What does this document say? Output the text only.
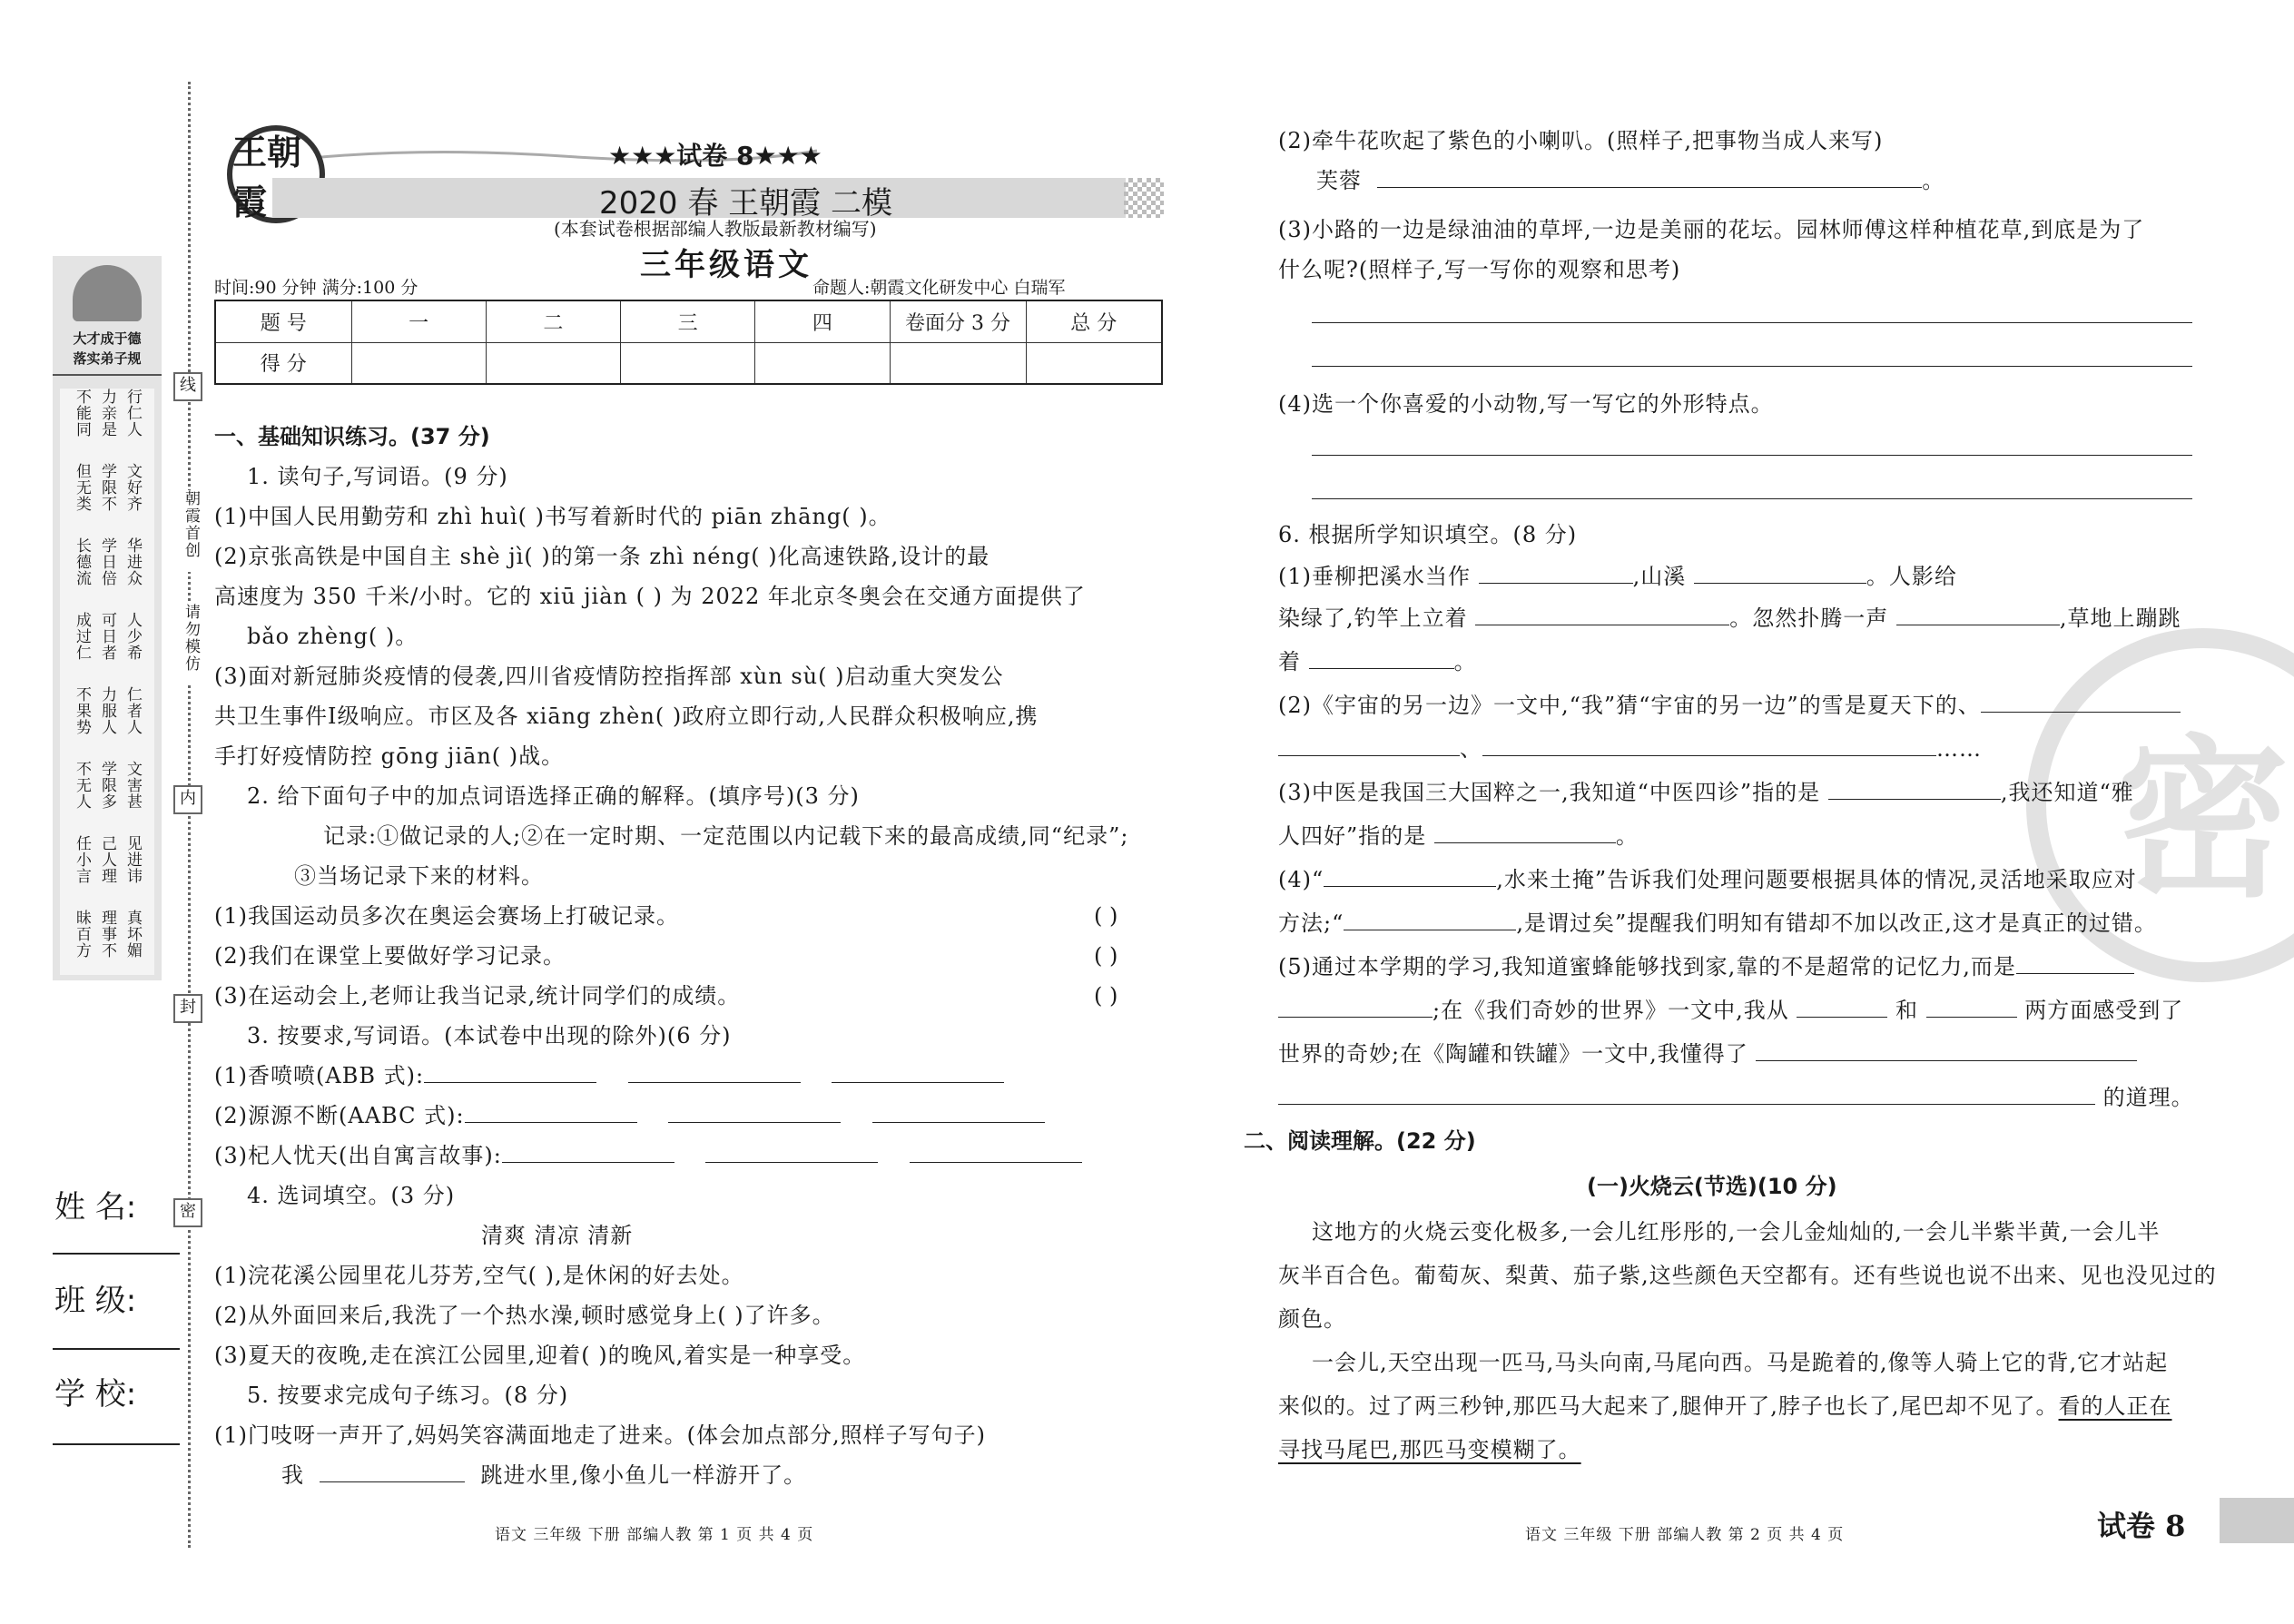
线
朝霞首创
请勿模仿
内
封
密
大才成于德
落实弟子规
不能同 力亲是 行仁人
但无类 学限不 文好齐
长德流 学日倍 华进众
成过仁 可日者 人少希
不果势 力服人 仁者人
不无人 学限多 文害甚
任小言 己人理 见进讳
昧百方 理事不 真坏媚
姓 名:
班 级:
学 校:
王朝霞
★★★试卷 8★★★
2020 春 王朝霞 二模
(本套试卷根据部编人教版最新教材编写)
三年级语文
时间:90 分钟 满分:100 分	命题人:朝霞文化研发中心 白瑞军
题 号	一	二	三	四	卷面分 3 分	总 分
得 分						
一、基础知识练习。(37 分)
1. 读句子,写词语。(9 分)
(1)中国人民用勤劳和 zhì huì( )书写着新时代的 piān zhāng( )。
(2)京张高铁是中国自主 shè jì( )的第一条 zhì néng( )化高速铁路,设计的最
高速度为 350 千米/小时。它的 xiū jiàn ( ) 为 2022 年北京冬奥会在交通方面提供了
bǎo zhèng( )。
(3)面对新冠肺炎疫情的侵袭,四川省疫情防控指挥部 xùn sù( )启动重大突发公
共卫生事件Ⅰ级响应。市区及各 xiāng zhèn( )政府立即行动,人民群众积极响应,携
手打好疫情防控 gōng jiān( )战。
2. 给下面句子中的加点词语选择正确的解释。(填序号)(3 分)
记录:①做记录的人;②在一定时期、一定范围以内记载下来的最高成绩,同“纪录”;
③当场记录下来的材料。
(1)我国运动员多次在奥运会赛场上打破记录。	( )
(2)我们在课堂上要做好学习记录。	( )
(3)在运动会上,老师让我当记录,统计同学们的成绩。	( )
3. 按要求,写词语。(本试卷中出现的除外)(6 分)
(1)香喷喷(ABB 式):
(2)源源不断(AABC 式):
(3)杞人忧天(出自寓言故事):
4. 选词填空。(3 分)
清爽 清凉 清新
(1)浣花溪公园里花儿芬芳,空气( ),是休闲的好去处。
(2)从外面回来后,我洗了一个热水澡,顿时感觉身上( )了许多。
(3)夏天的夜晚,走在滨江公园里,迎着( )的晚风,着实是一种享受。
5. 按要求完成句子练习。(8 分)
(1)门吱呀一声开了,妈妈笑容满面地走了进来。(体会加点部分,照样子写句子)
我	跳进水里,像小鱼儿一样游开了。
语文 三年级 下册 部编人教 第 1 页 共 4 页
密
(2)牵牛花吹起了紫色的小喇叭。(照样子,把事物当成人来写)
芙蓉	。
(3)小路的一边是绿油油的草坪,一边是美丽的花坛。园林师傅这样种植花草,到底是为了
什么呢?(照样子,写一写你的观察和思考)
(4)选一个你喜爱的小动物,写一写它的外形特点。
6. 根据所学知识填空。(8 分)
(1)垂柳把溪水当作	,山溪	。人影给
染绿了,钓竿上立着	。忽然扑腾一声	,草地上蹦跳
着	。
(2)《宇宙的另一边》一文中,“我”猜“宇宙的另一边”的雪是夏天下的、
、	……
(3)中医是我国三大国粹之一,我知道“中医四诊”指的是	,我还知道“雅
人四好”指的是	。
(4)“	,水来土掩”告诉我们处理问题要根据具体的情况,灵活地采取应对
方法;“	,是谓过矣”提醒我们明知有错却不加以改正,这才是真正的过错。
(5)通过本学期的学习,我知道蜜蜂能够找到家,靠的不是超常的记忆力,而是
;在《我们奇妙的世界》一文中,我从	和	两方面感受到了
世界的奇妙;在《陶罐和铁罐》一文中,我懂得了
的道理。
二、阅读理解。(22 分)
(一)火烧云(节选)(10 分)
这地方的火烧云变化极多,一会儿红彤彤的,一会儿金灿灿的,一会儿半紫半黄,一会儿半
灰半百合色。葡萄灰、梨黄、茄子紫,这些颜色天空都有。还有些说也说不出来、见也没见过的
颜色。
一会儿,天空出现一匹马,马头向南,马尾向西。马是跪着的,像等人骑上它的背,它才站起
来似的。过了两三秒钟,那匹马大起来了,腿伸开了,脖子也长了,尾巴却不见了。看的人正在
寻找马尾巴,那匹马变模糊了。
语文 三年级 下册 部编人教 第 2 页 共 4 页	试卷 8
